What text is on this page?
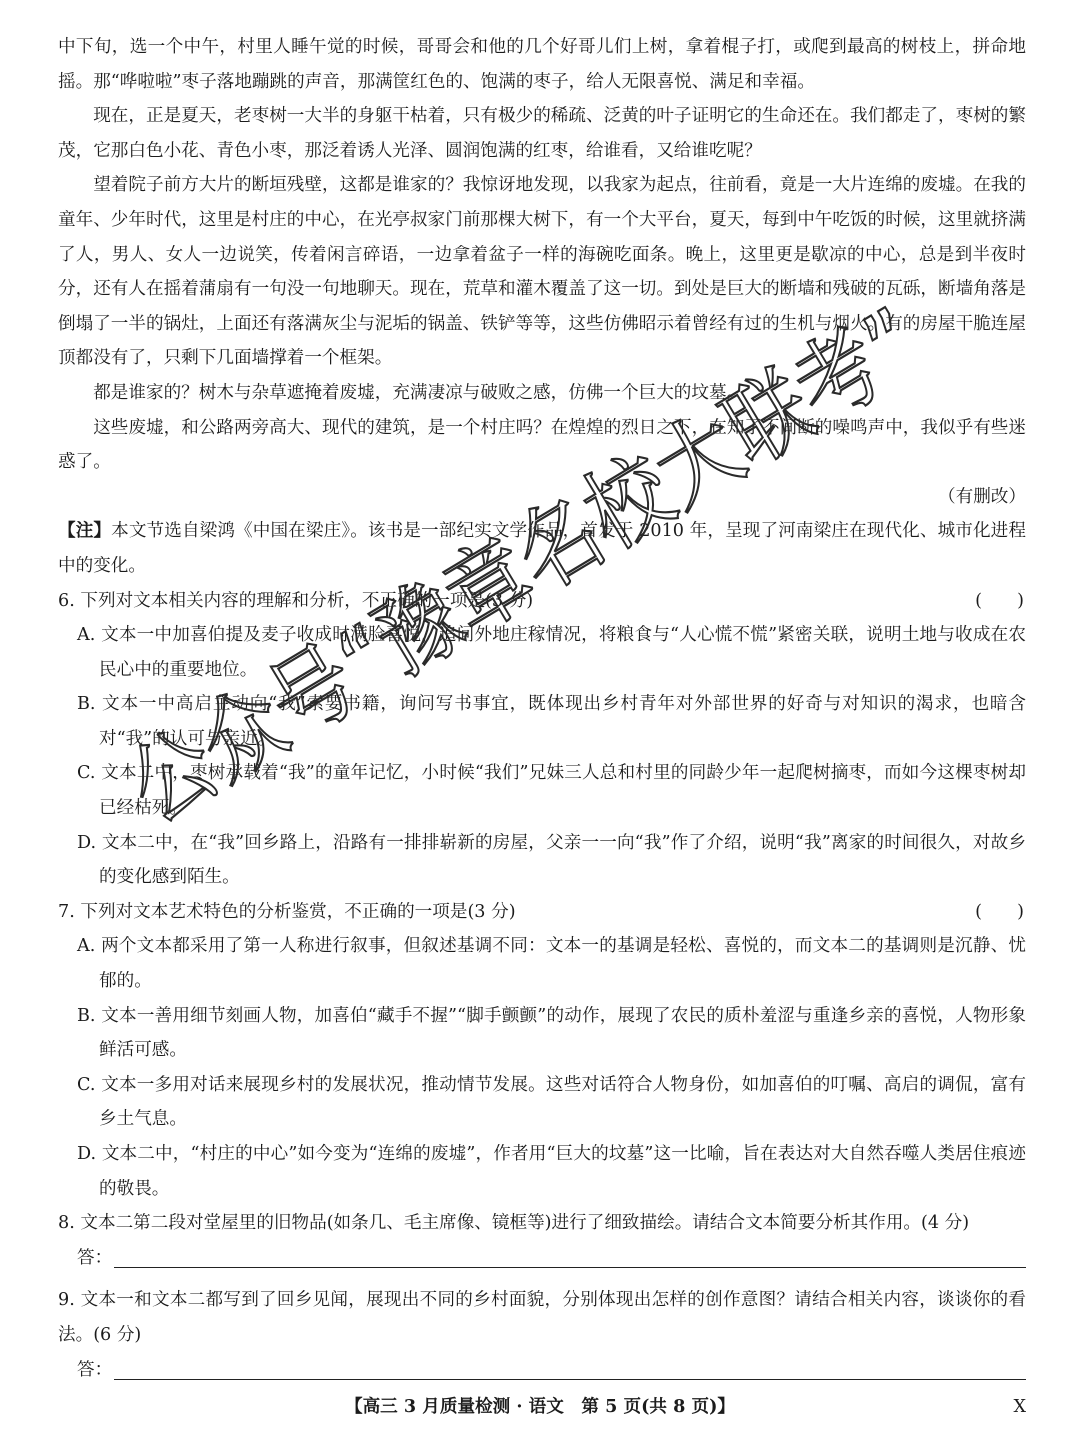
中下旬，选一个中午，村里人睡午觉的时候，哥哥会和他的几个好哥儿们上树，拿着棍子打，或爬到最高的树枝上，拼命地摇。那“哗啦啦”枣子落地蹦跳的声音，那满筐红色的、饱满的枣子，给人无限喜悦、满足和幸福。

现在，正是夏天，老枣树一大半的身躯干枯着，只有极少的稀疏、泛黄的叶子证明它的生命还在。我们都走了，枣树的繁茂，它那白色小花、青色小枣，那泛着诱人光泽、圆润饱满的红枣，给谁看，又给谁吃呢？

望着院子前方大片的断垣残壁，这都是谁家的？我惊讶地发现，以我家为起点，往前看，竟是一大片连绵的废墟。在我的童年、少年时代，这里是村庄的中心，在光亭叔家门前那棵大树下，有一个大平台，夏天，每到中午吃饭的时候，这里就挤满了人，男人、女人一边说笑，传着闲言碎语，一边拿着盆子一样的海碗吃面条。晚上，这里更是歇凉的中心，总是到半夜时分，还有人在摇着蒲扇有一句没一句地聊天。现在，荒草和灌木覆盖了这一切。到处是巨大的断墙和残破的瓦砾，断墙角落是倒塌了一半的锅灶，上面还有落满灰尘与泥垢的锅盖、铁铲等等，这些仿佛昭示着曾经有过的生机与烟火。有的房屋干脆连屋顶都没有了，只剩下几面墙撑着一个框架。

都是谁家的？树木与杂草遮掩着废墟，充满凄凉与破败之感，仿佛一个巨大的坟墓。

这些废墟，和公路两旁高大、现代的建筑，是一个村庄吗？在煌煌的烈日之下，在知了不间断的噪鸣声中，我似乎有些迷惑了。

（有删改）

【注】本文节选自梁鸿《中国在梁庄》。该书是一部纪实文学作品，首发于 2010 年，呈现了河南梁庄在现代化、城市化进程中的变化。

6. 下列对文本相关内容的理解和分析，不正确的一项是(3 分)	(　　)

A. 文本一中加喜伯提及麦子收成时满脸喜悦，追问外地庄稼情况，将粮食与“人心慌不慌”紧密关联，说明土地与收成在农民心中的重要地位。

B. 文本一中高启主动向“我”索要书籍，询问写书事宜，既体现出乡村青年对外部世界的好奇与对知识的渴求，也暗含对“我”的认可与亲近。

C. 文本二中，枣树承载着“我”的童年记忆，小时候“我们”兄妹三人总和村里的同龄少年一起爬树摘枣，而如今这棵枣树却已经枯死。

D. 文本二中，在“我”回乡路上，沿路有一排排崭新的房屋，父亲一一向“我”作了介绍，说明“我”离家的时间很久，对故乡的变化感到陌生。

7. 下列对文本艺术特色的分析鉴赏，不正确的一项是(3 分)	(　　)

A. 两个文本都采用了第一人称进行叙事，但叙述基调不同：文本一的基调是轻松、喜悦的，而文本二的基调则是沉静、忧郁的。

B. 文本一善用细节刻画人物，加喜伯“藏手不握”“脚手颤颤”的动作，展现了农民的质朴羞涩与重逢乡亲的喜悦，人物形象鲜活可感。

C. 文本一多用对话来展现乡村的发展状况，推动情节发展。这些对话符合人物身份，如加喜伯的叮嘱、高启的调侃，富有乡土气息。

D. 文本二中，“村庄的中心”如今变为“连绵的废墟”，作者用“巨大的坟墓”这一比喻，旨在表达对大自然吞噬人类居住痕迹的敬畏。

8. 文本二第二段对堂屋里的旧物品(如条几、毛主席像、镜框等)进行了细致描绘。请结合文本简要分析其作用。(4 分)

答：

9. 文本一和文本二都写到了回乡见闻，展现出不同的乡村面貌，分别体现出怎样的创作意图？请结合相关内容，谈谈你的看法。(6 分)

答：
【高三 3 月质量检测 · 语文　第 5 页(共 8 页)】	X
公众号“豫章名校大联考”
